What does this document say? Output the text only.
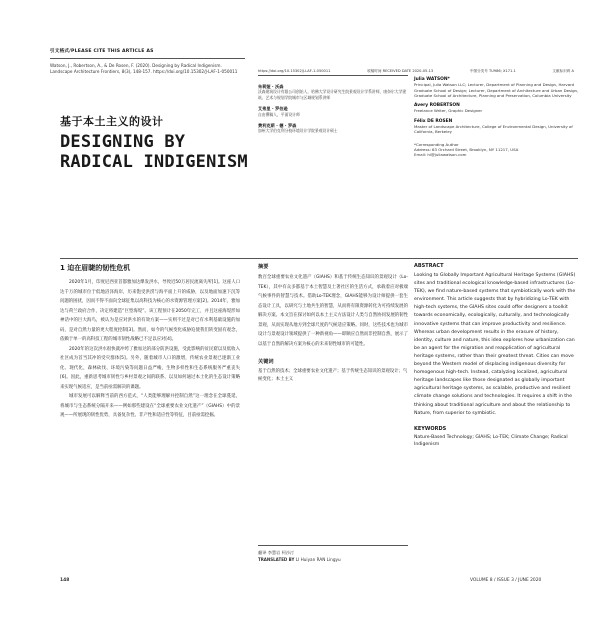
引文格式/PLEASE CITE THIS ARTICLE AS
Watson, J., Robertson, A., & De Rosen, F. (2020). Designing by Radical Indigenism. Landscape Architecture Frontiers, 8(3), 148-157. https://doi.org/10.15302/J-LAF-1-050011	https://doi.org/10.15302/J-LAF-1-050011	收稿时间 RECEIVED DATE 2020-05-13	中图分类号 TU986; X171.1	文献标识码 A
基于本土主义的设计
DESIGNING BY
RADICAL INDIGENISM
朱莉娅 · 沃森
沃森建筑设计有限公司创始人，哈佛大学设计研究生院景观设计学系讲师，康奈尔大学建筑、艺术与规划学院城市与区域规划系讲师
艾弗里 · 罗伯逊
自由撰稿人，平面设计师
费利克斯 · 德 · 罗森
加州大学伯克利分校环境设计学院景观设计硕士
Julia WATSON*
Principal, Julia Watson LLC; Lecturer, Department of Planning and Design, Harvard Graduate School of Design; Lecturer, Department of Architecture and Urban Design, Graduate School of Architecture, Planning and Preservation, Columbia University
Avery ROBERTSON
Freelance Writer, Graphic Designer
Félix DE ROSEN
Master of Landscape Architecture, College of Environmental Design, University of California, Berkeley
*Corresponding Author
Address: 63 Orchard Street, Brooklyn, NY 11217, USA
Email: hi@juliawatson.com
1 迫在眉睫的韧性危机

2020年1月，印度尼西亚首都雅加达爆发洪水，导致近50万居民流离失所[1]。这座人口达千万的城市位于低地沼泽海岸，历来饱受洪涝与海平面上升的威胁，以及地面加速下沉等问题的困扰，因而不得不面向全球征集以高科技为核心的水资源管理方案[2]。2014年，雅加达与荷兰政府合作，决定将建造“巨型海堤”。该工程预计在2050年完工，并且这座海堤形如神话中的巨大海鸟，被认为是应对洪水的有效方案——实则不过是对已有水利基础设施的加码，是对自然力量的更大程度控制[3]。然而，如今的气候变化威胁迫使我们转变固有观念，依赖于单一的高科技工程的城市韧性战略已不足以应对[4]。

2020年的这次洪水很快就冲垮了雅加达的部分防洪设施，受此影响的贫民窟以及低收入社区成为首当其冲的受灾群体[5]。另外，随着城市人口的激增，传统农业景观已逐渐工业化、现代化，森林砍伐、环境污染等问题日益严峻，生物多样性和生态系统服务严重丧失[6]。因此，重新思考城市韧性与乡村景观之间的联系、以及如何通过本土化的生态设计策略来实现气候适应，是当前亟需解决的课题。

城市发展可以解释当前的西方范式，“人类能够理解并控制自然”这一理念在全球蔓延，将城市与生态系统分隔开来——例如那些建设在“全球重要农业文化遗产”（GIAHS）中的景观——所展现的韧性优势，具备复杂性、非产性和适应性等特征，目前亟需挖掘。

摘要
数百全球重要农业文化遗产（GIAHS）和基于传统生态知识的景观设计（Lo-TEK），其中有众多都基于本土智慧及土著社区的生活方式，承载着应对极端气候事件的智慧与技术。借助Lo-TEK理念，GIAHS能够为设计师提供一套生态设计工具，以研究与土地共生的智慧，从而将有限资源转化为可持续发展的解决方案。本文旨在探讨如何以本土主义方法设计人类与自然协同发展的韧性景观，从而实现从地方到全球尺度的气候适应策略。同时，这些技术也为城市设计与景观设计领域提供了一种新视角——即顺应自然而非控制自然，展示了以基于自然的解决方案为核心的未来韧性城市的可能性。
关键词
基于自然的技术；全球重要农业文化遗产；基于传统生态知识的景观设计；气候变化；本土主义
翻译 李慧岩 柯沙汀
TRANSLATED BY LI Huiyan RAN Lingyu
ABSTRACT
Looking to Globally Important Agricultural Heritage Systems (GIAHS) sites and traditional ecological knowledge-based infrastructures (Lo-TEK), we find nature-based systems that symbiotically work with the environment. This article suggests that by hybridizing Lo-TEK with high-tech systems, the GIAHS sites could offer designers a toolkit towards economically, ecologically, culturally, and technologically innovative systems that can improve productivity and resilience. Whereas urban development results in the erasure of history, identity, culture and nature, this idea explores how urbanization can be an agent for the migration and reapplication of agricultural heritage systems, rather than their greatest threat. Cities can move beyond the Western model of displacing indigenous diversity for homogenous high-tech. Instead, catalyzing localized, agricultural heritage landscapes like those designated as globally important agricultural heritage systems, as scalable, productive and resilient climate change solutions and technologies. It requires a shift in the thinking about traditional agriculture and about the relationship to Nature, from superior to symbiotic.
KEYWORDS
Nature-Based Technology; GIAHS; Lo-TEK; Climate Change; Radical Indigenism
148	VOLUME 8 / ISSUE 3 / JUNE 2020
